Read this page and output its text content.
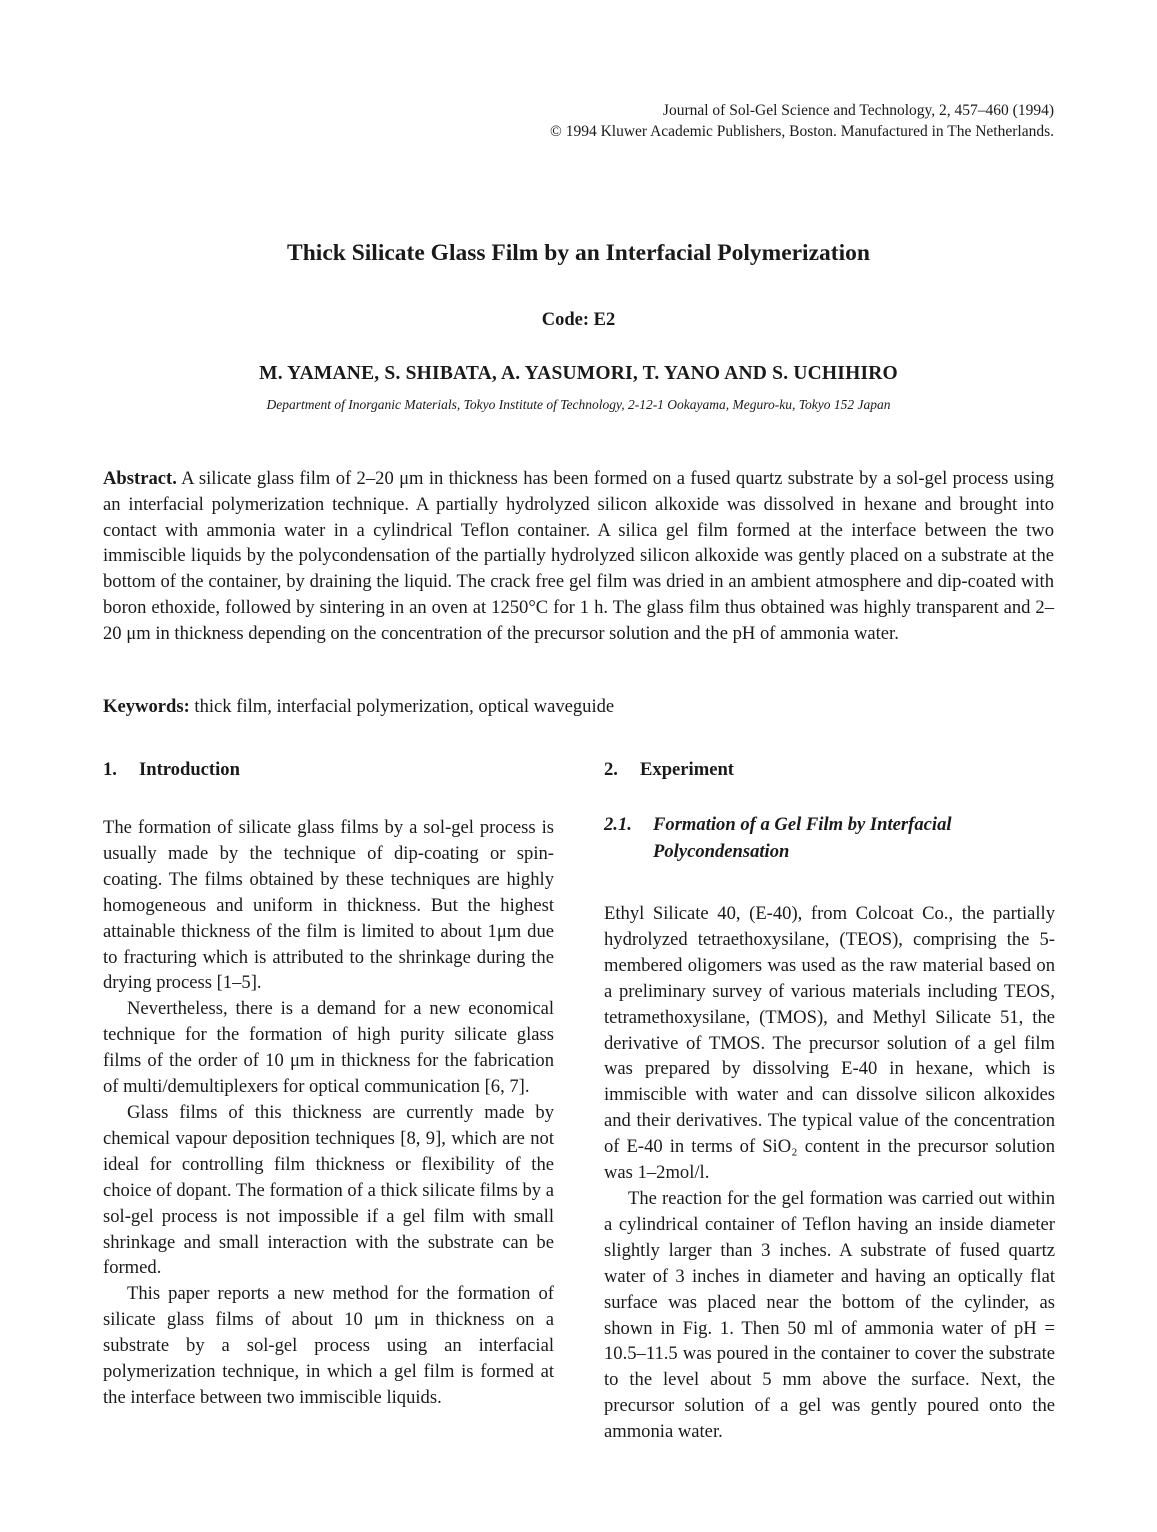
Journal of Sol-Gel Science and Technology, 2, 457–460 (1994)
© 1994 Kluwer Academic Publishers, Boston. Manufactured in The Netherlands.
Thick Silicate Glass Film by an Interfacial Polymerization
Code: E2
M. YAMANE, S. SHIBATA, A. YASUMORI, T. YANO AND S. UCHIHIRO
Department of Inorganic Materials, Tokyo Institute of Technology, 2-12-1 Ookayama, Meguro-ku, Tokyo 152 Japan
Abstract. A silicate glass film of 2–20 μm in thickness has been formed on a fused quartz substrate by a sol-gel process using an interfacial polymerization technique. A partially hydrolyzed silicon alkoxide was dissolved in hexane and brought into contact with ammonia water in a cylindrical Teflon container. A silica gel film formed at the interface between the two immiscible liquids by the polycondensation of the partially hydrolyzed silicon alkoxide was gently placed on a substrate at the bottom of the container, by draining the liquid. The crack free gel film was dried in an ambient atmosphere and dip-coated with boron ethoxide, followed by sintering in an oven at 1250°C for 1 h. The glass film thus obtained was highly transparent and 2–20 μm in thickness depending on the concentration of the precursor solution and the pH of ammonia water.
Keywords: thick film, interfacial polymerization, optical waveguide
1. Introduction

The formation of silicate glass films by a sol-gel process is usually made by the technique of dip-coating or spin-coating. The films obtained by these techniques are highly homogeneous and uniform in thickness. But the highest attainable thickness of the film is limited to about 1μm due to fracturing which is attributed to the shrinkage during the drying process [1–5].

Nevertheless, there is a demand for a new economical technique for the formation of high purity silicate glass films of the order of 10 μm in thickness for the fabrication of multi/demultiplexers for optical communication [6, 7].

Glass films of this thickness are currently made by chemical vapour deposition techniques [8, 9], which are not ideal for controlling film thickness or flexibility of the choice of dopant. The formation of a thick silicate films by a sol-gel process is not impossible if a gel film with small shrinkage and small interaction with the substrate can be formed.

This paper reports a new method for the formation of silicate glass films of about 10 μm in thickness on a substrate by a sol-gel process using an interfacial polymerization technique, in which a gel film is formed at the interface between two immiscible liquids.

2. Experiment
2.1. Formation of a Gel Film by Interfacial Polycondensation

Ethyl Silicate 40, (E-40), from Colcoat Co., the partially hydrolyzed tetraethoxysilane, (TEOS), comprising the 5-membered oligomers was used as the raw material based on a preliminary survey of various materials including TEOS, tetramethoxysilane, (TMOS), and Methyl Silicate 51, the derivative of TMOS. The precursor solution of a gel film was prepared by dissolving E-40 in hexane, which is immiscible with water and can dissolve silicon alkoxides and their derivatives. The typical value of the concentration of E-40 in terms of SiO₂ content in the precursor solution was 1–2mol/l.

The reaction for the gel formation was carried out within a cylindrical container of Teflon having an inside diameter slightly larger than 3 inches. A substrate of fused quartz water of 3 inches in diameter and having an optically flat surface was placed near the bottom of the cylinder, as shown in Fig. 1. Then 50 ml of ammonia water of pH = 10.5–11.5 was poured in the container to cover the substrate to the level about 5 mm above the surface. Next, the precursor solution of a gel was gently poured onto the ammonia water.
